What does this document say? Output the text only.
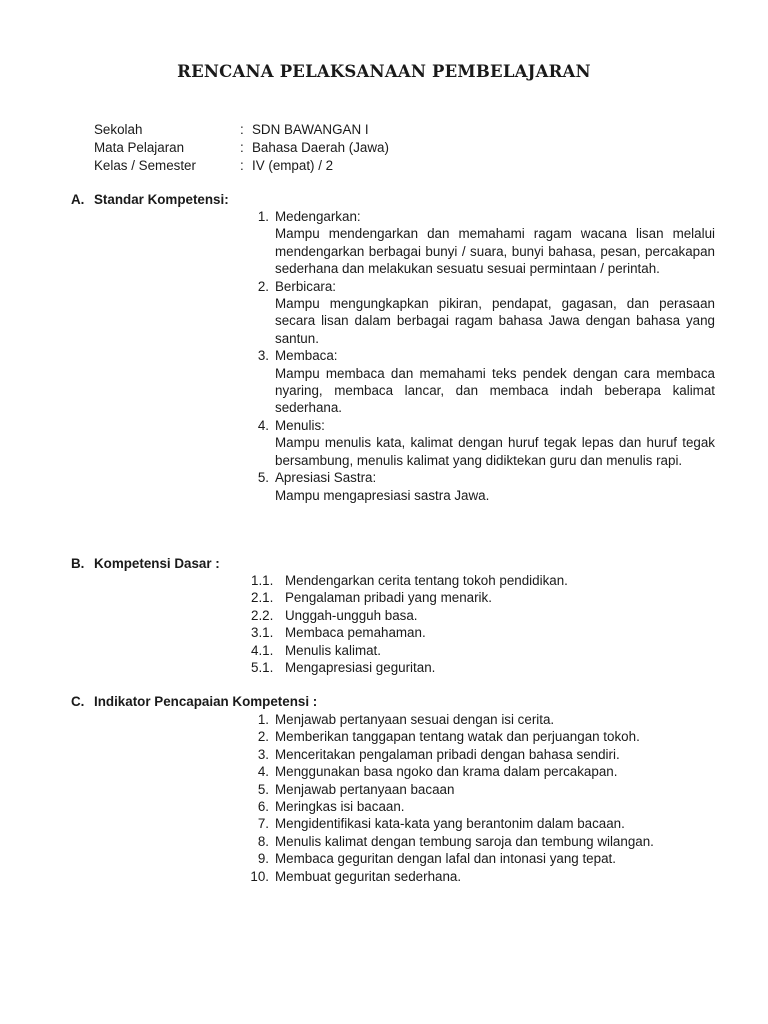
RENCANA PELAKSANAAN PEMBELAJARAN
Sekolah	: SDN BAWANGAN I
Mata Pelajaran	: Bahasa Daerah (Jawa)
Kelas / Semester	: IV (empat) / 2
A. Standar Kompetensi:
1. Medengarkan:
Mampu mendengarkan dan memahami ragam wacana lisan melalui mendengarkan berbagai bunyi / suara, bunyi bahasa, pesan, percakapan sederhana dan melakukan sesuatu sesuai permintaan / perintah.
2. Berbicara:
Mampu mengungkapkan pikiran, pendapat, gagasan, dan perasaan secara lisan dalam berbagai ragam bahasa Jawa dengan bahasa yang santun.
3. Membaca:
Mampu membaca dan memahami teks pendek dengan cara membaca nyaring, membaca lancar, dan membaca indah beberapa kalimat sederhana.
4. Menulis:
Mampu menulis kata, kalimat dengan huruf tegak lepas dan huruf tegak bersambung, menulis kalimat yang didiktekan guru dan menulis rapi.
5. Apresiasi Sastra:
Mampu mengapresiasi sastra Jawa.
B. Kompetensi Dasar :
1.1. Mendengarkan cerita tentang tokoh pendidikan.
2.1. Pengalaman pribadi yang menarik.
2.2. Unggah-ungguh basa.
3.1. Membaca pemahaman.
4.1. Menulis kalimat.
5.1. Mengapresiasi geguritan.
C. Indikator Pencapaian Kompetensi :
1. Menjawab pertanyaan sesuai dengan isi cerita.
2. Memberikan tanggapan tentang watak dan perjuangan tokoh.
3. Menceritakan pengalaman pribadi dengan bahasa sendiri.
4. Menggunakan basa ngoko dan krama dalam percakapan.
5. Menjawab pertanyaan bacaan
6. Meringkas isi bacaan.
7. Mengidentifikasi kata-kata yang berantonim dalam bacaan.
8. Menulis kalimat dengan tembung saroja dan tembung wilangan.
9. Membaca geguritan dengan lafal dan intonasi yang tepat.
10. Membuat geguritan sederhana.
